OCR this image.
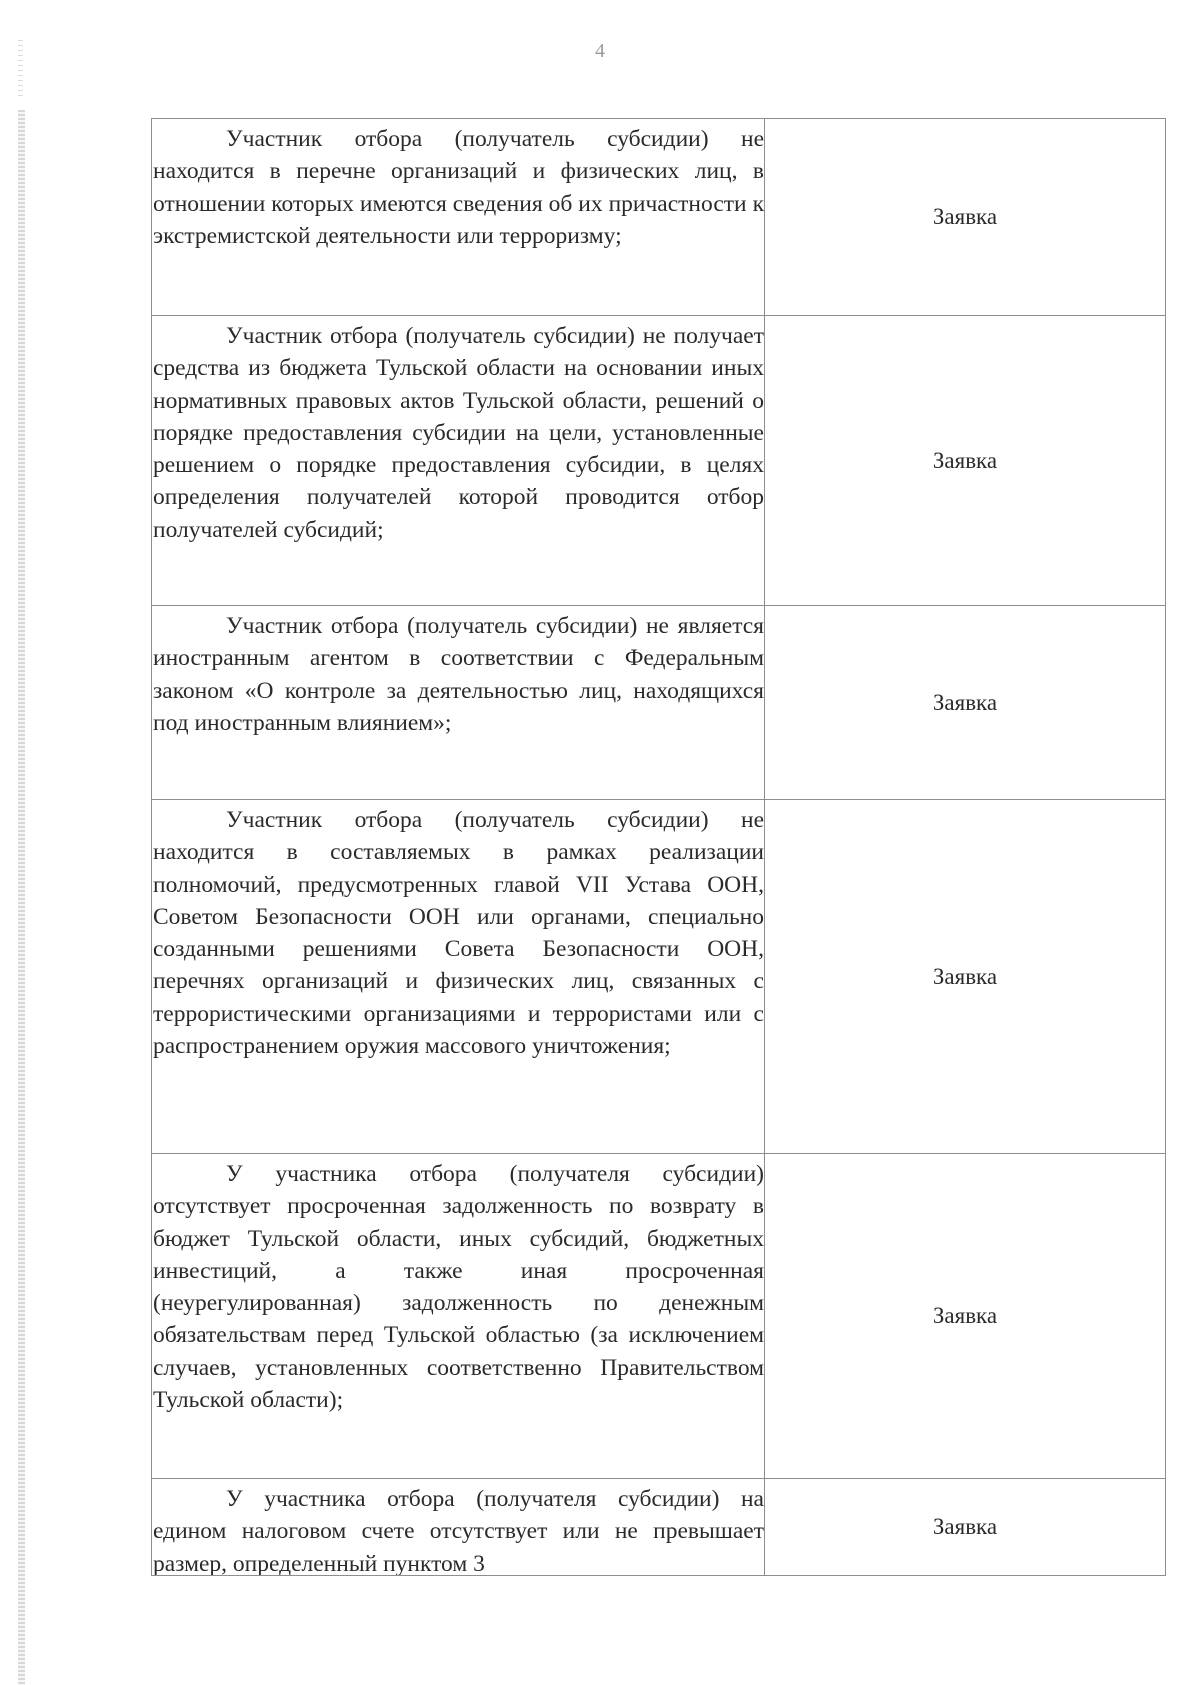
4

Участник отбора (получатель субсидии) не находится в перечне организаций и физических лиц, в отношении которых имеются сведения об их причастности к экстремистской деятельности или терроризму;	Заявка

Участник отбора (получатель субсидии) не получает средства из бюджета Тульской области на основании иных нормативных правовых актов Тульской области, решений о порядке предоставления субсидии на цели, установленные решением о порядке предоставления субсидии, в целях определения получателей которой проводится отбор получателей субсидий;	Заявка

Участник отбора (получатель субсидии) не является иностранным агентом в соответствии с Федеральным законом «О контроле за деятельностью лиц, находящихся под иностранным влиянием»;	Заявка

Участник отбора (получатель субсидии) не находится в составляемых в рамках реализации полномочий, предусмотренных главой VII Устава ООН, Советом Безопасности ООН или органами, специально созданными решениями Совета Безопасности ООН, перечнях организаций и физических лиц, связанных с террористическими организациями и террористами или с распространением оружия массового уничтожения;	Заявка

У участника отбора (получателя субсидии) отсутствует просроченная задолженность по возврату в бюджет Тульской области, иных субсидий, бюджетных инвестиций, а также иная просроченная (неурегулированная) задолженность по денежным обязательствам перед Тульской областью (за исключением случаев, установленных соответственно Правительством Тульской области);	Заявка

У участника отбора (получателя субсидии) на едином налоговом счете отсутствует или не превышает размер, определенный пунктом 3	Заявка
